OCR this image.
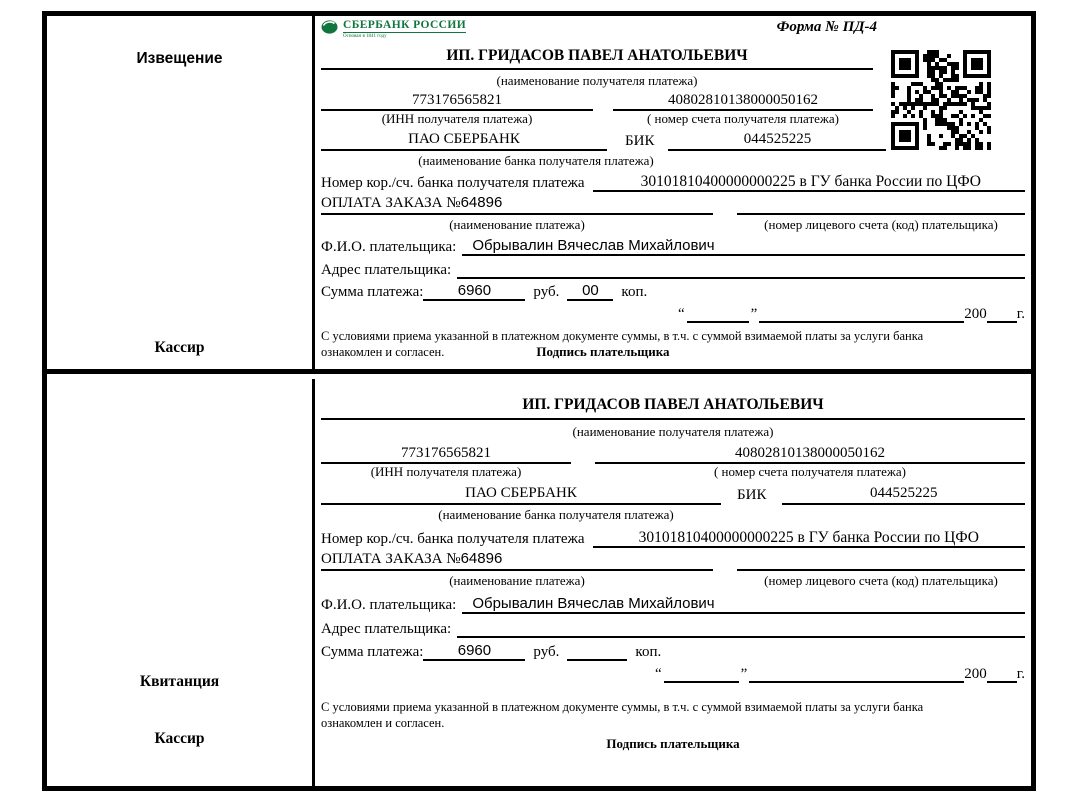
Извещение
Кассир
СБЕРБАНК РОССИИ
Основан в 1841 году
Форма № ПД-4
ИП. ГРИДАСОВ ПАВЕЛ АНАТОЛЬЕВИЧ
(наименование получателя платежа)
773176565821	40802810138000050162
(ИНН получателя платежа)	( номер счета получателя платежа)
ПАО СБЕРБАНК	БИК	044525225
(наименование банка получателя платежа)
Номер кор./сч. банка получателя платежа	30101810400000000225 в ГУ банка России по ЦФО
ОПЛАТА ЗАКАЗА №64896
(наименование платежа)	(номер лицевого счета (код) плательщика)
Ф.И.О. плательщика:	Обрывалин Вячеслав Михайлович
Адрес плательщика:
Сумма платежа:	6960	руб.	00	коп.
“	”	200 г.
С условиями приема указанной в платежном документе суммы, в т.ч. с суммой взимаемой платы за услуги банка
ознакомлен и согласен.	Подпись плательщика
Квитанция
Кассир
ИП. ГРИДАСОВ ПАВЕЛ АНАТОЛЬЕВИЧ
(наименование получателя платежа)
773176565821	40802810138000050162
(ИНН получателя платежа)	( номер счета получателя платежа)
ПАО СБЕРБАНК	БИК	044525225
(наименование банка получателя платежа)
Номер кор./сч. банка получателя платежа	30101810400000000225 в ГУ банка России по ЦФО
ОПЛАТА ЗАКАЗА №64896
(наименование платежа)	(номер лицевого счета (код) плательщика)
Ф.И.О. плательщика:	Обрывалин Вячеслав Михайлович
Адрес плательщика:
Сумма платежа:	6960	руб.	коп.
“	”	200 г.
С условиями приема указанной в платежном документе суммы, в т.ч. с суммой взимаемой платы за услуги банка
ознакомлен и согласен.
Подпись плательщика
